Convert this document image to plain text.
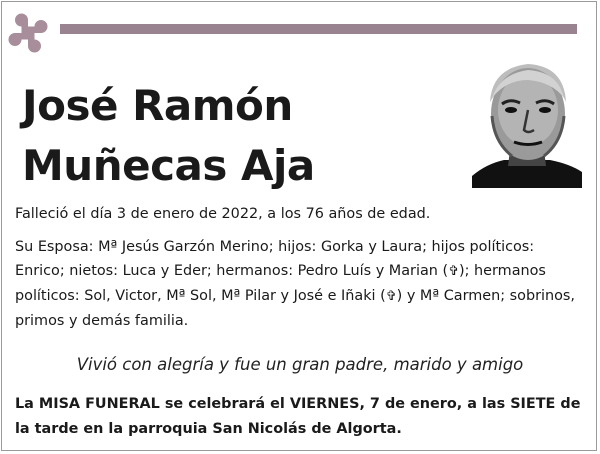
José Ramón
Muñecas Aja
Falleció el día 3 de enero de 2022, a los 76 años de edad.
Su Esposa: Mª Jesús Garzón Merino; hijos: Gorka y Laura; hijos políticos: Enrico; nietos: Luca y Eder; hermanos: Pedro Luís y Marian (✞); hermanos políticos: Sol, Victor, Mª Sol, Mª Pilar y José e Iñaki (✞) y Mª Carmen; sobrinos, primos y demás familia.
Vivió con alegría y fue un gran padre, marido y amigo
La MISA FUNERAL se celebrará el VIERNES, 7 de enero, a las SIETE de la tarde en la parroquia San Nicolás de Algorta.
